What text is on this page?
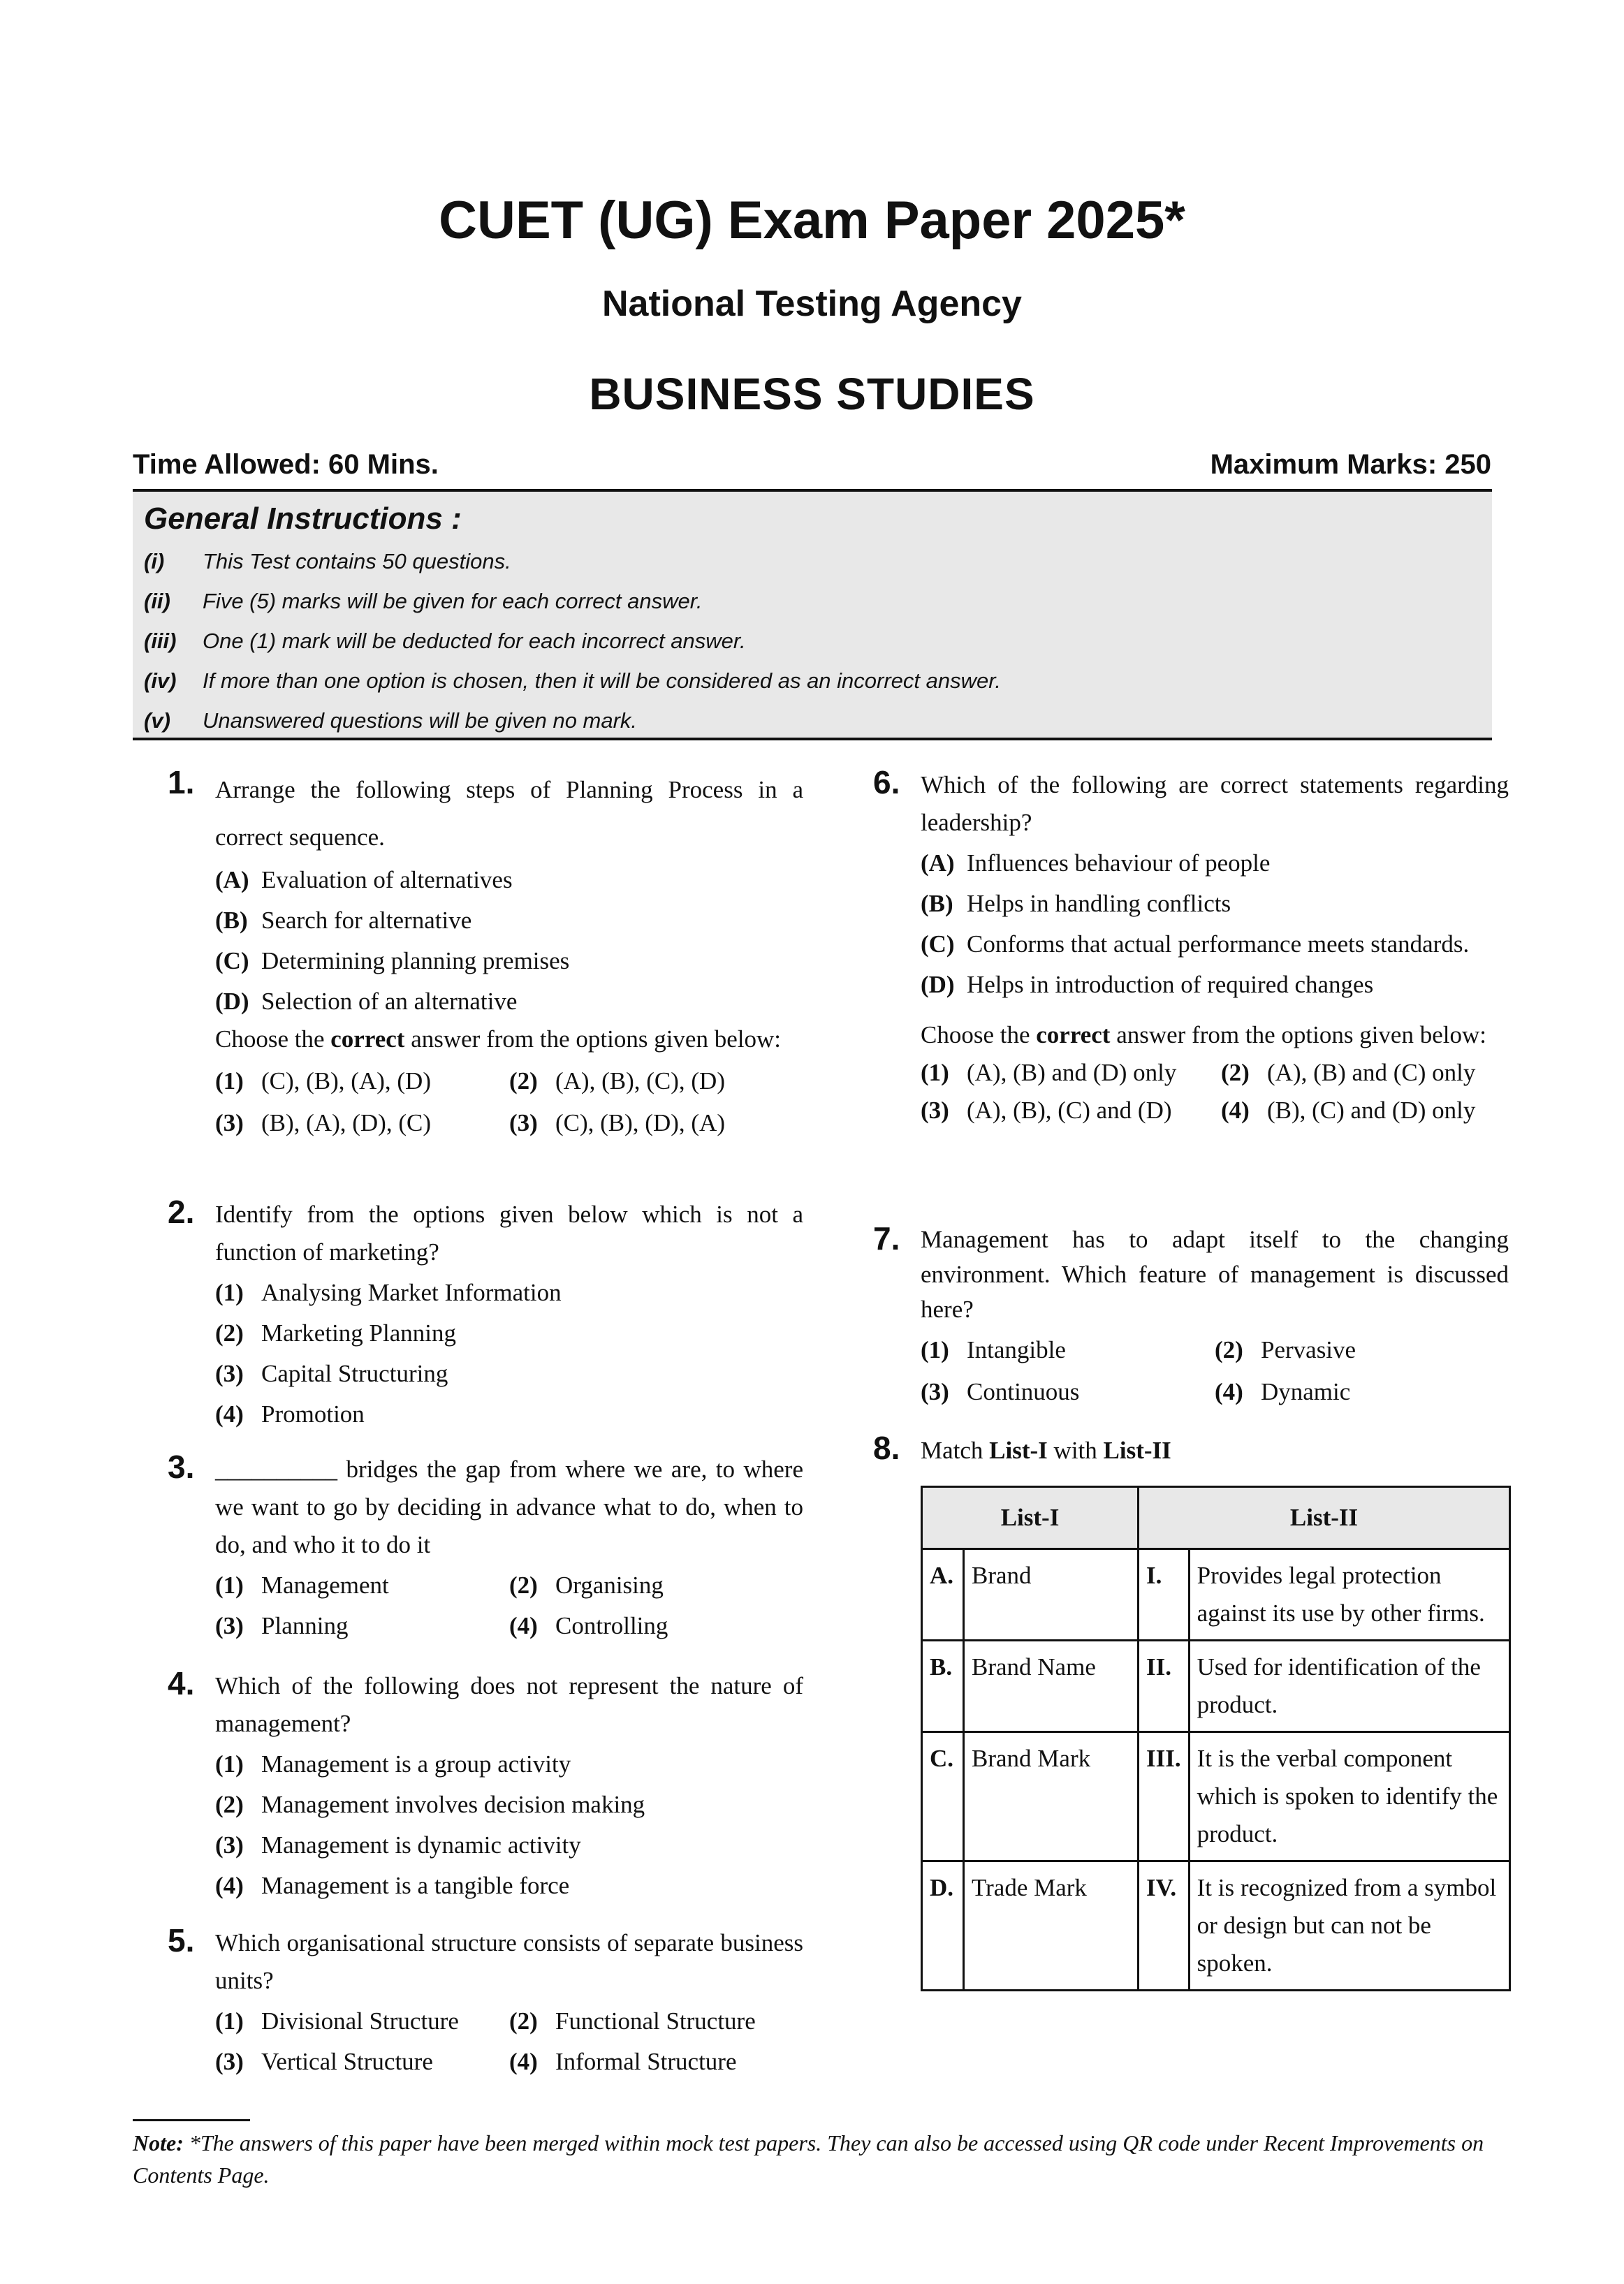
CUET (UG) Exam Paper 2025*
National Testing Agency
BUSINESS STUDIES
Time Allowed: 60 Mins.	Maximum Marks: 250
General Instructions :
(i) This Test contains 50 questions.
(ii) Five (5) marks will be given for each correct answer.
(iii) One (1) mark will be deducted for each incorrect answer.
(iv) If more than one option is chosen, then it will be considered as an incorrect answer.
(v) Unanswered questions will be given no mark.
1. Arrange the following steps of Planning Process in a correct sequence.
(A) Evaluation of alternatives
(B) Search for alternative
(C) Determining planning premises
(D) Selection of an alternative
Choose the correct answer from the options given below:
(1) (C), (B), (A), (D)	(2) (A), (B), (C), (D)
(3) (B), (A), (D), (C)	(3) (C), (B), (D), (A)
2. Identify from the options given below which is not a function of marketing?
(1) Analysing Market Information
(2) Marketing Planning
(3) Capital Structuring
(4) Promotion
3. __________ bridges the gap from where we are, to where we want to go by deciding in advance what to do, when to do, and who it to do it
(1) Management	(2) Organising
(3) Planning	(4) Controlling
4. Which of the following does not represent the nature of management?
(1) Management is a group activity
(2) Management involves decision making
(3) Management is dynamic activity
(4) Management is a tangible force
5. Which organisational structure consists of separate business units?
(1) Divisional Structure	(2) Functional Structure
(3) Vertical Structure	(4) Informal Structure
6. Which of the following are correct statements regarding leadership?
(A) Influences behaviour of people
(B) Helps in handling conflicts
(C) Conforms that actual performance meets standards.
(D) Helps in introduction of required changes
Choose the correct answer from the options given below:
(1) (A), (B) and (D) only	(2) (A), (B) and (C) only
(3) (A), (B), (C) and (D)	(4) (B), (C) and (D) only
7. Management has to adapt itself to the changing environment. Which feature of management is discussed here?
(1) Intangible	(2) Pervasive
(3) Continuous	(4) Dynamic
8. Match List-I with List-II
List-I		List-II	
A.	Brand	I.	Provides legal protection against its use by other firms.
B.	Brand Name	II.	Used for identification of the product.
C.	Brand Mark	III.	It is the verbal component which is spoken to identify the product.
D.	Trade Mark	IV.	It is recognized from a symbol or design but can not be spoken.
Note: *The answers of this paper have been merged within mock test papers. They can also be accessed using QR code under Recent Improvements on Contents Page.
